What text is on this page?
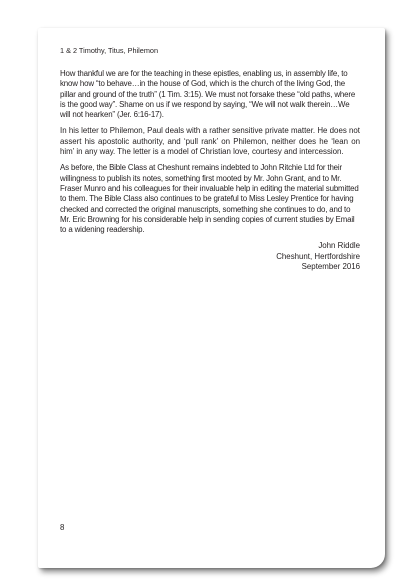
1 & 2 Timothy, Titus, Philemon

How thankful we are for the teaching in these epistles, enabling us, in assembly life, to know how “to behave…in the house of God, which is the church of the living God, the pillar and ground of the truth” (1 Tim. 3:15). We must not forsake these “old paths, where is the good way”. Shame on us if we respond by saying, “We will not walk therein…We will not hearken” (Jer. 6:16-17).

In his letter to Philemon, Paul deals with a rather sensitive private matter. He does not assert his apostolic authority, and ‘pull rank’ on Philemon, neither does he ‘lean on him’ in any way. The letter is a model of Christian love, courtesy and intercession.

As before, the Bible Class at Cheshunt remains indebted to John Ritchie Ltd for their willingness to publish its notes, something first mooted by Mr. John Grant, and to Mr. Fraser Munro and his colleagues for their invaluable help in editing the material submitted to them. The Bible Class also continues to be grateful to Miss Lesley Prentice for having checked and corrected the original manuscripts, something she continues to do, and to Mr. Eric Browning for his considerable help in sending copies of current studies by Email to a widening readership.

John Riddle
Cheshunt, Hertfordshire
September 2016
8
